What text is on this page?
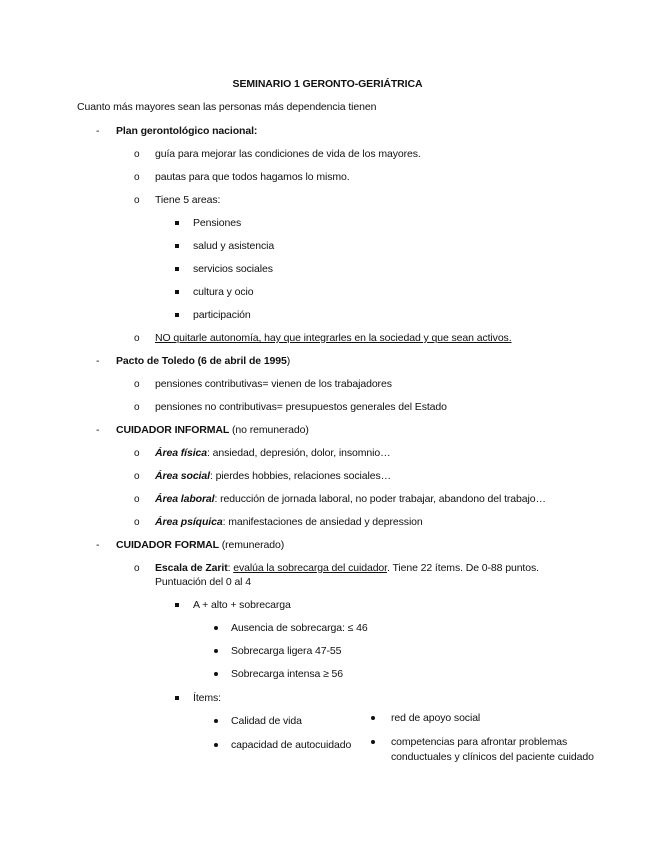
SEMINARIO 1 GERONTO-GERIÁTRICA
Cuanto más mayores sean las personas más dependencia tienen
- Plan gerontológico nacional:
o guía para mejorar las condiciones de vida de los mayores.
o pautas para que todos hagamos lo mismo.
o Tiene 5 areas:
Pensiones
salud y asistencia
servicios sociales
cultura y ocio
participación
o NO quitarle autonomía, hay que integrarles en la sociedad y que sean activos.
- Pacto de Toledo (6 de abril de 1995)
o pensiones contributivas= vienen de los trabajadores
o pensiones no contributivas= presupuestos generales del Estado
- CUIDADOR INFORMAL (no remunerado)
o Área física: ansiedad, depresión, dolor, insomnio…
o Área social: pierdes hobbies, relaciones sociales…
o Área laboral: reducción de jornada laboral, no poder trabajar, abandono del trabajo…
o Área psíquica: manifestaciones de ansiedad y depression
- CUIDADOR FORMAL (remunerado)
o Escala de Zarit: evalúa la sobrecarga del cuidador. Tiene 22 ítems. De 0-88 puntos.
Puntuación del 0 al 4
A + alto + sobrecarga
Ausencia de sobrecarga: ≤ 46
Sobrecarga ligera 47-55
Sobrecarga intensa ≥ 56
Ítems:
Calidad de vida
capacidad de autocuidado
red de apoyo social
competencias para afrontar problemas
conductuales y clínicos del paciente cuidado
